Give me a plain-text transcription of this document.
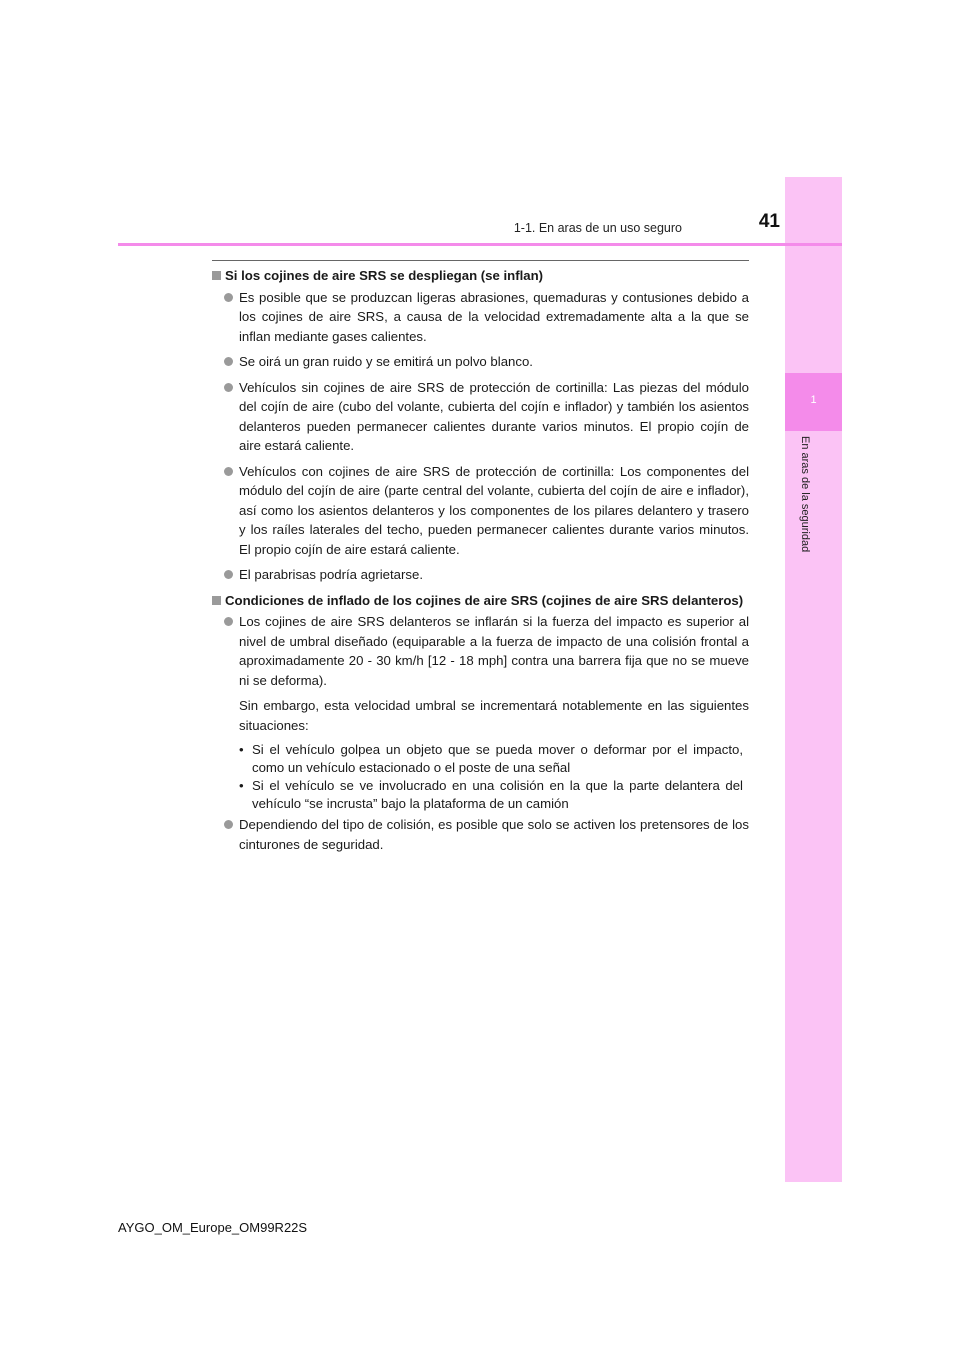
1
En aras de la seguridad
1-1. En aras de un uso seguro	41
Si los cojines de aire SRS se despliegan (se inflan)
Es posible que se produzcan ligeras abrasiones, quemaduras y contusiones debido a los cojines de aire SRS, a causa de la velocidad extremadamente alta a la que se inflan mediante gases calientes.
Se oirá un gran ruido y se emitirá un polvo blanco.
Vehículos sin cojines de aire SRS de protección de cortinilla: Las piezas del módulo del cojín de aire (cubo del volante, cubierta del cojín e inflador) y también los asientos delanteros pueden permanecer calientes durante varios minutos. El propio cojín de aire estará caliente.
Vehículos con cojines de aire SRS de protección de cortinilla: Los componentes del módulo del cojín de aire (parte central del volante, cubierta del cojín de aire e inflador), así como los asientos delanteros y los componentes de los pilares delantero y trasero y los raíles laterales del techo, pueden permanecer calientes durante varios minutos. El propio cojín de aire estará caliente.
El parabrisas podría agrietarse.
Condiciones de inflado de los cojines de aire SRS (cojines de aire SRS delanteros)
Los cojines de aire SRS delanteros se inflarán si la fuerza del impacto es superior al nivel de umbral diseñado (equiparable a la fuerza de impacto de una colisión frontal a aproximadamente 20 - 30 km/h [12 - 18 mph] contra una barrera fija que no se mueve ni se deforma).
Sin embargo, esta velocidad umbral se incrementará notablemente en las siguientes situaciones:
• Si el vehículo golpea un objeto que se pueda mover o deformar por el impacto, como un vehículo estacionado o el poste de una señal
• Si el vehículo se ve involucrado en una colisión en la que la parte delantera del vehículo “se incrusta” bajo la plataforma de un camión
Dependiendo del tipo de colisión, es posible que solo se activen los pretensores de los cinturones de seguridad.
AYGO_OM_Europe_OM99R22S
